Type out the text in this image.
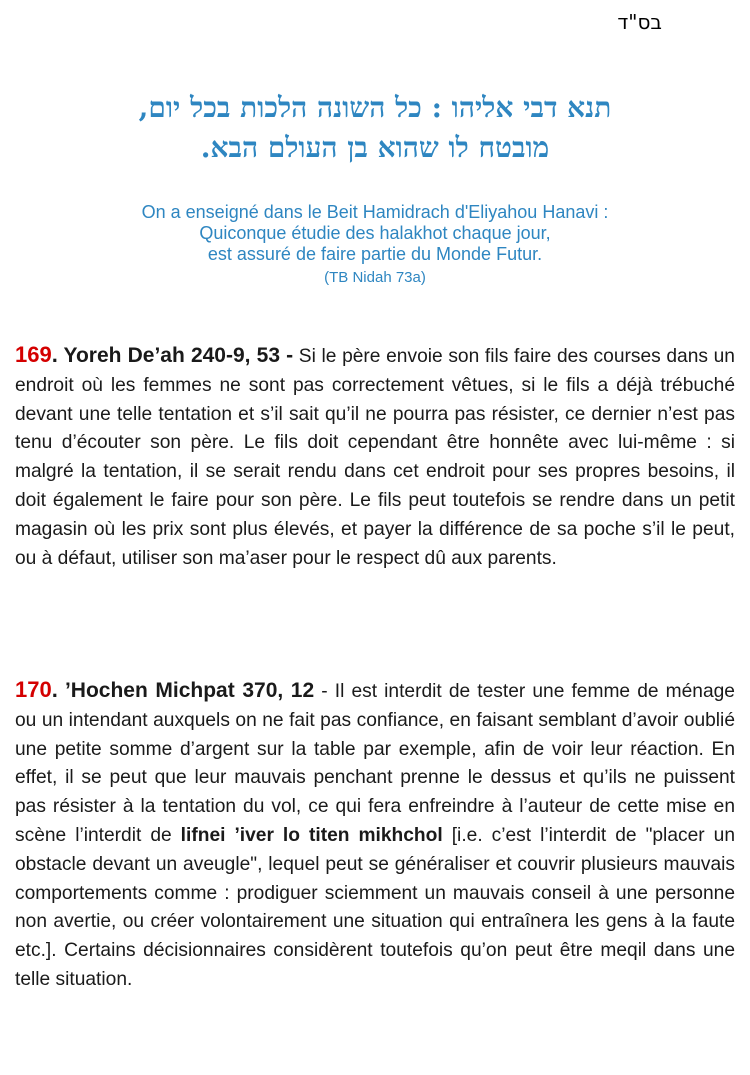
בס"ד
תנא דבי אליהו : כל השונה הלכות בכל יום,
מובטח לו שהוא בן העולם הבא.
On a enseigné dans le Beit Hamidrach d'Eliyahou Hanavi :
Quiconque étudie des halakhot chaque jour,
est assuré de faire partie du Monde Futur.
(TB Nidah 73a)
169. Yoreh De’ah 240-9, 53 - Si le père envoie son fils faire des courses dans un endroit où les femmes ne sont pas correctement vêtues, si le fils a déjà trébuché devant une telle tentation et s’il sait qu’il ne pourra pas résister, ce dernier n’est pas tenu d’écouter son père. Le fils doit cependant être honnête avec lui-même : si malgré la tentation, il se serait rendu dans cet endroit pour ses propres besoins, il doit également le faire pour son père. Le fils peut toutefois se rendre dans un petit magasin où les prix sont plus élevés, et payer la différence de sa poche s’il le peut, ou à défaut, utiliser son ma’aser pour le respect dû aux parents.
170. ’Hochen Michpat 370, 12 - Il est interdit de tester une femme de ménage ou un intendant auxquels on ne fait pas confiance, en faisant semblant d’avoir oublié une petite somme d’argent sur la table par exemple, afin de voir leur réaction. En effet, il se peut que leur mauvais penchant prenne le dessus et qu’ils ne puissent pas résister à la tentation du vol, ce qui fera enfreindre à l’auteur de cette mise en scène l’interdit de lifnei ’iver lo titen mikhchol [i.e. c’est l’interdit de "placer un obstacle devant un aveugle", lequel peut se généraliser et couvrir plusieurs mauvais comportements comme : prodiguer sciemment un mauvais conseil à une personne non avertie, ou créer volontairement une situation qui entraînera les gens à la faute etc.]. Certains décisionnaires considèrent toutefois qu’on peut être meqil dans une telle situation.
